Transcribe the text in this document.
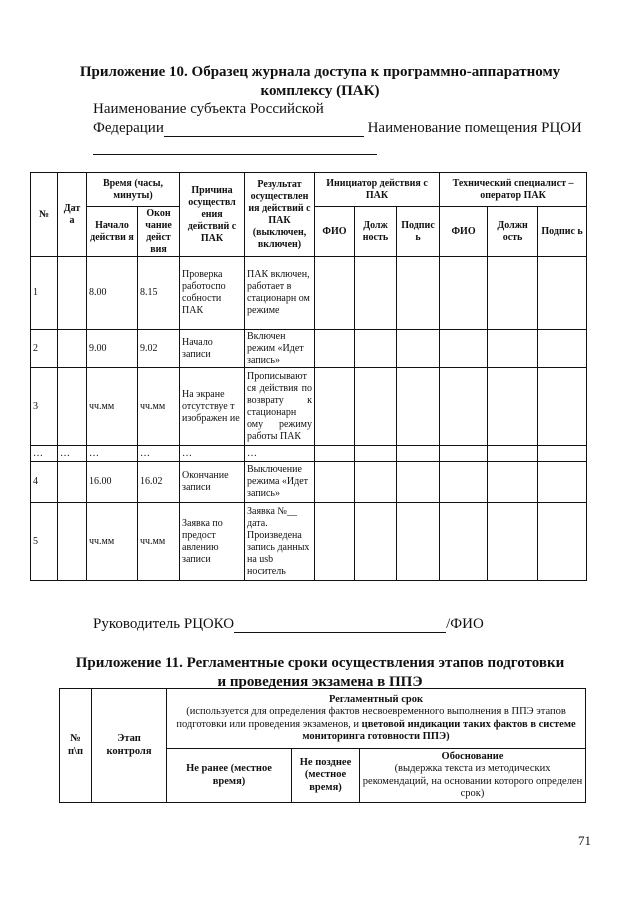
Приложение 10. Образец журнала доступа к программно-аппаратному
комплексу (ПАК)
Наименование субъекта Российской
Федерации	Наименование помещения РЦОИ
№	Дат а	Время (часы, минуты)		Причина осуществл ения действий с ПАК	Результат осуществлен ия действий с ПАК (выключен, включен)	Инициатор действия с ПАК			Технический специалист – оператор ПАК		
		Начало действи я	Окон чание дейст вия			ФИО	Долж ность	Подпис ь	ФИО	Должн ость	Подпис ь
1		8.00	8.15	Проверка работоспо собности ПАК	ПАК включен, работает в стационарн ом режиме						
2		9.00	9.02	Начало записи	Включен режим «Идет запись»						
3		чч.мм	чч.мм	На экране отсутствуе т изображен ие	Прописывают ся действия по возврату к стационарн ому режиму работы ПАК						
…	…	…	…	…	…						
4		16.00	16.02	Окончание записи	Выключение режима «Идет запись»						
5		чч.мм	чч.мм	Заявка по предост авлению записи	Заявка №__ дата. Произведена запись данных на usb носитель						
Руководитель РЦОКО	/ФИО
Приложение 11. Регламентные сроки осуществления этапов подготовки
и проведения экзамена в ППЭ
№ п\п	Этап контроля	Регламентный срок
(используется для определения фактов несвоевременного выполнения в ППЭ этапов подготовки или проведения экзаменов, и цветовой индикации таких фактов в системе мониторинга готовности ППЭ)		

		Не ранее (местное время)	Не позднее (местное время)	Обоснование
(выдержка текста из методических рекомендаций, на основании которого определен срок)
71
